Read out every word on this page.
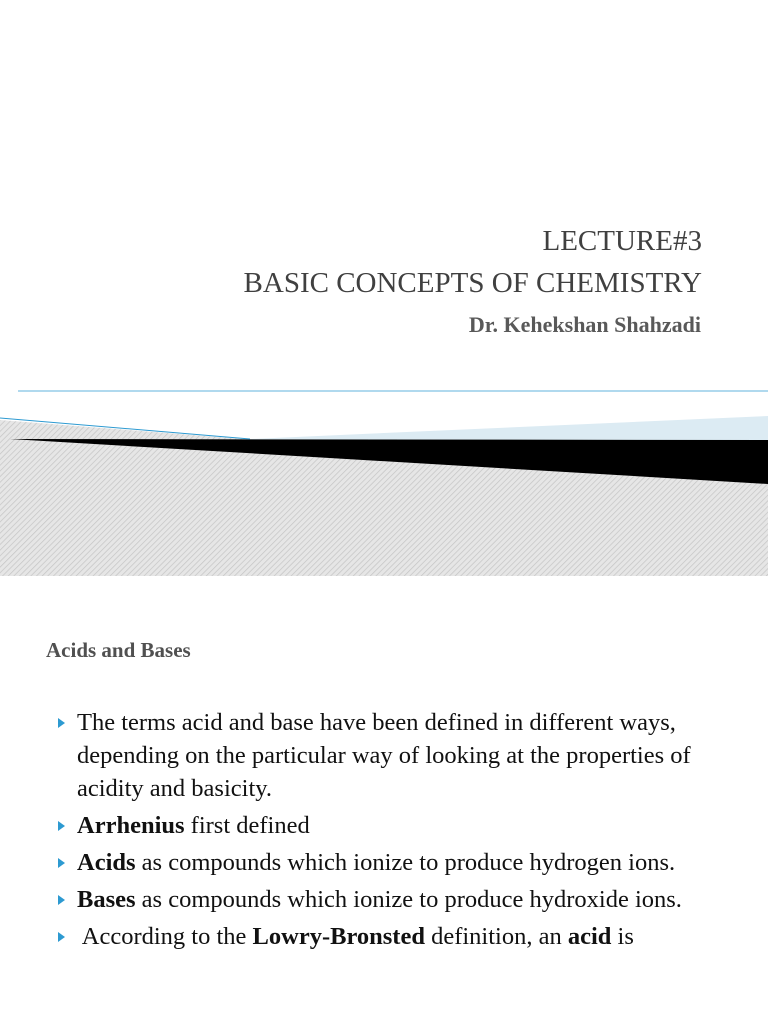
LECTURE#3
BASIC CONCEPTS OF CHEMISTRY
Dr. Kehekshan Shahzadi
Acids and Bases
The terms acid and base have been defined in different ways, depending on the particular way of looking at the properties of acidity and basicity.
Arrhenius first defined
Acids as compounds which ionize to produce hydrogen ions.
Bases as compounds which ionize to produce hydroxide ions.
According to the Lowry-Bronsted definition, an acid is
